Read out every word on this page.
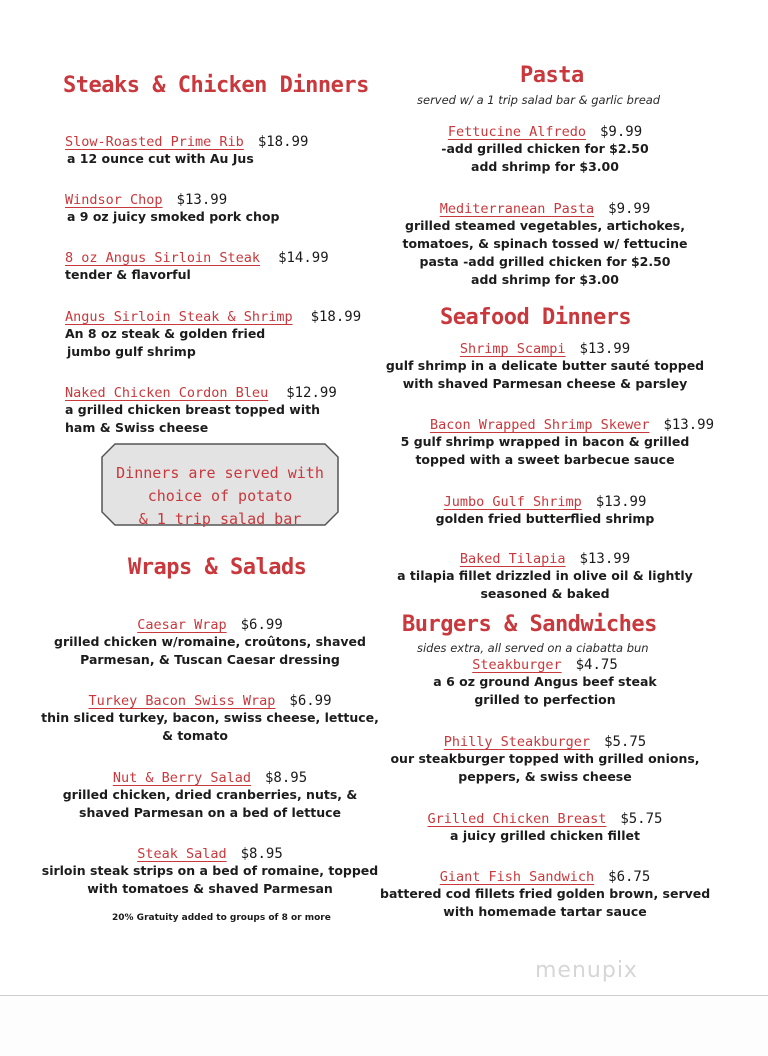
Steaks & Chicken Dinners
Slow-Roasted Prime Rib $18.99
a 12 ounce cut with Au Jus
Windsor Chop $13.99
a 9 oz juicy smoked pork chop
8 oz Angus Sirloin Steak $14.99
tender & flavorful
Angus Sirloin Steak & Shrimp $18.99
An 8 oz steak & golden fried
jumbo gulf shrimp
Naked Chicken Cordon Bleu $12.99
a grilled chicken breast topped with
ham & Swiss cheese
Dinners are served with
choice of potato
& 1 trip salad bar
Wraps & Salads
Caesar Wrap $6.99
grilled chicken w/romaine, croûtons, shaved
Parmesan, & Tuscan Caesar dressing
Turkey Bacon Swiss Wrap $6.99
thin sliced turkey, bacon, swiss cheese, lettuce,
& tomato
Nut & Berry Salad $8.95
grilled chicken, dried cranberries, nuts, &
shaved Parmesan on a bed of lettuce
Steak Salad $8.95
sirloin steak strips on a bed of romaine, topped
with tomatoes & shaved Parmesan
20% Gratuity added to groups of 8 or more
Pasta
served w/ a 1 trip salad bar & garlic bread
Fettucine Alfredo $9.99
-add grilled chicken for $2.50
add shrimp for $3.00
Mediterranean Pasta $9.99
grilled steamed vegetables, artichokes,
tomatoes, & spinach tossed w/ fettucine
pasta -add grilled chicken for $2.50
add shrimp for $3.00
Seafood Dinners
Shrimp Scampi $13.99
gulf shrimp in a delicate butter sauté topped
with shaved Parmesan cheese & parsley
Bacon Wrapped Shrimp Skewer $13.99
5 gulf shrimp wrapped in bacon & grilled
topped with a sweet barbecue sauce
Jumbo Gulf Shrimp $13.99
golden fried butterflied shrimp
Baked Tilapia $13.99
a tilapia fillet drizzled in olive oil & lightly
seasoned & baked
Burgers & Sandwiches
sides extra, all served on a ciabatta bun
Steakburger $4.75
a 6 oz ground Angus beef steak
grilled to perfection
Philly Steakburger $5.75
our steakburger topped with grilled onions,
peppers, & swiss cheese
Grilled Chicken Breast $5.75
a juicy grilled chicken fillet
Giant Fish Sandwich $6.75
battered cod fillets fried golden brown, served
with homemade tartar sauce
menupix
